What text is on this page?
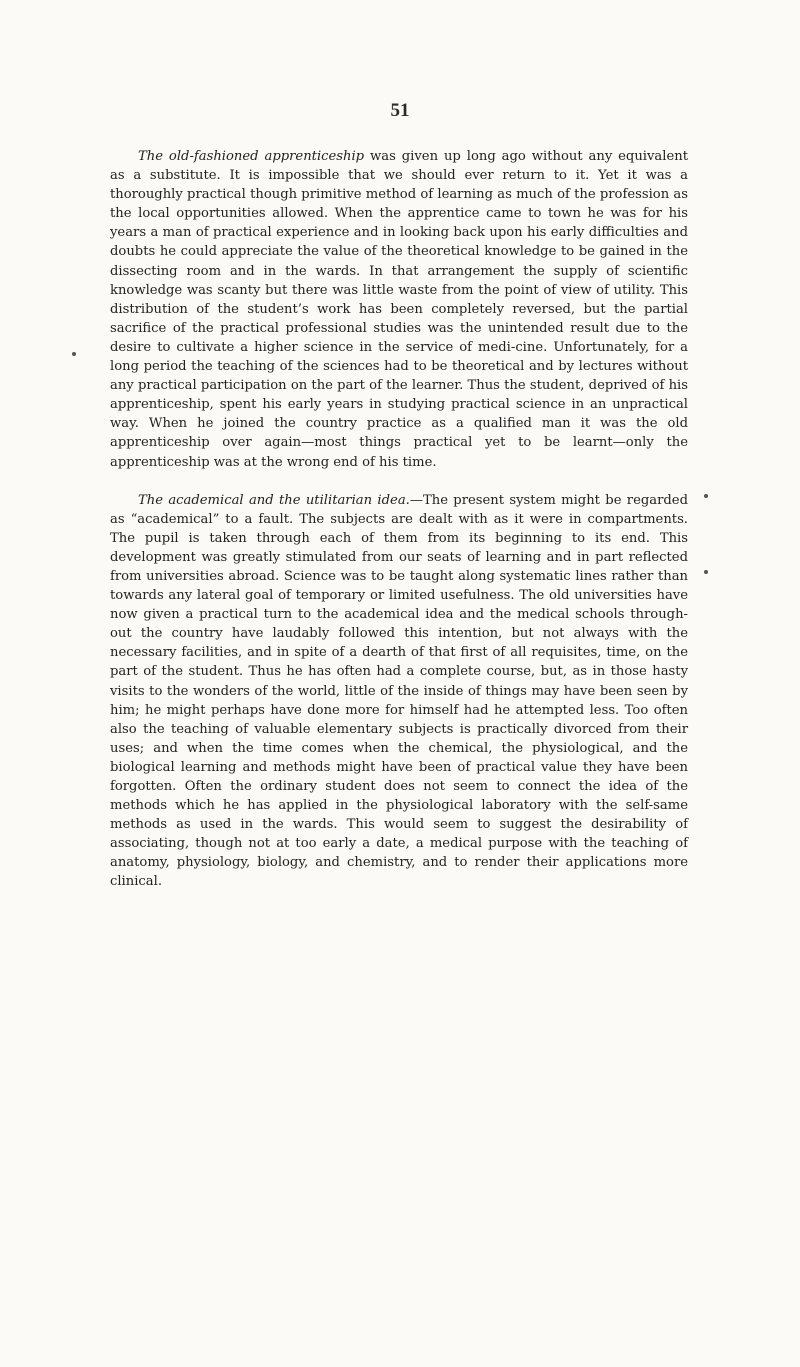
51

The old-fashioned apprenticeship was given up long ago without any equivalent as a substitute. It is impossible that we should ever return to it. Yet it was a thoroughly practical though primitive method of learning as much of the profession as the local opportunities allowed. When the apprentice came to town he was for his years a man of practical experience and in looking back upon his early difficulties and doubts he could appreciate the value of the theoretical knowledge to be gained in the dissecting room and in the wards. In that arrangement the supply of scientific knowledge was scanty but there was little waste from the point of view of utility. This distribution of the student’s work has been completely reversed, but the partial sacrifice of the practical professional studies was the unintended result due to the desire to cultivate a higher science in the service of medi-cine. Unfortunately, for a long period the teaching of the sciences had to be theoretical and by lectures without any practical participation on the part of the learner. Thus the student, deprived of his apprenticeship, spent his early years in studying practical science in an unpractical way. When he joined the country practice as a qualified man it was the old apprenticeship over again—most things practical yet to be learnt—only the apprenticeship was at the wrong end of his time.

The academical and the utilitarian idea.—The present system might be regarded as “academical” to a fault. The subjects are dealt with as it were in compartments. The pupil is taken through each of them from its beginning to its end. This development was greatly stimulated from our seats of learning and in part reflected from universities abroad. Science was to be taught along systematic lines rather than towards any lateral goal of temporary or limited usefulness. The old universities have now given a practical turn to the academical idea and the medical schools through-out the country have laudably followed this intention, but not always with the necessary facilities, and in spite of a dearth of that first of all requisites, time, on the part of the student. Thus he has often had a complete course, but, as in those hasty visits to the wonders of the world, little of the inside of things may have been seen by him; he might perhaps have done more for himself had he attempted less. Too often also the teaching of valuable elementary subjects is practically divorced from their uses; and when the time comes when the chemical, the physiological, and the biological learning and methods might have been of practical value they have been forgotten. Often the ordinary student does not seem to connect the idea of the methods which he has applied in the physiological laboratory with the self-same methods as used in the wards. This would seem to suggest the desirability of associating, though not at too early a date, a medical purpose with the teaching of anatomy, physiology, biology, and chemistry, and to render their applications more clinical.
